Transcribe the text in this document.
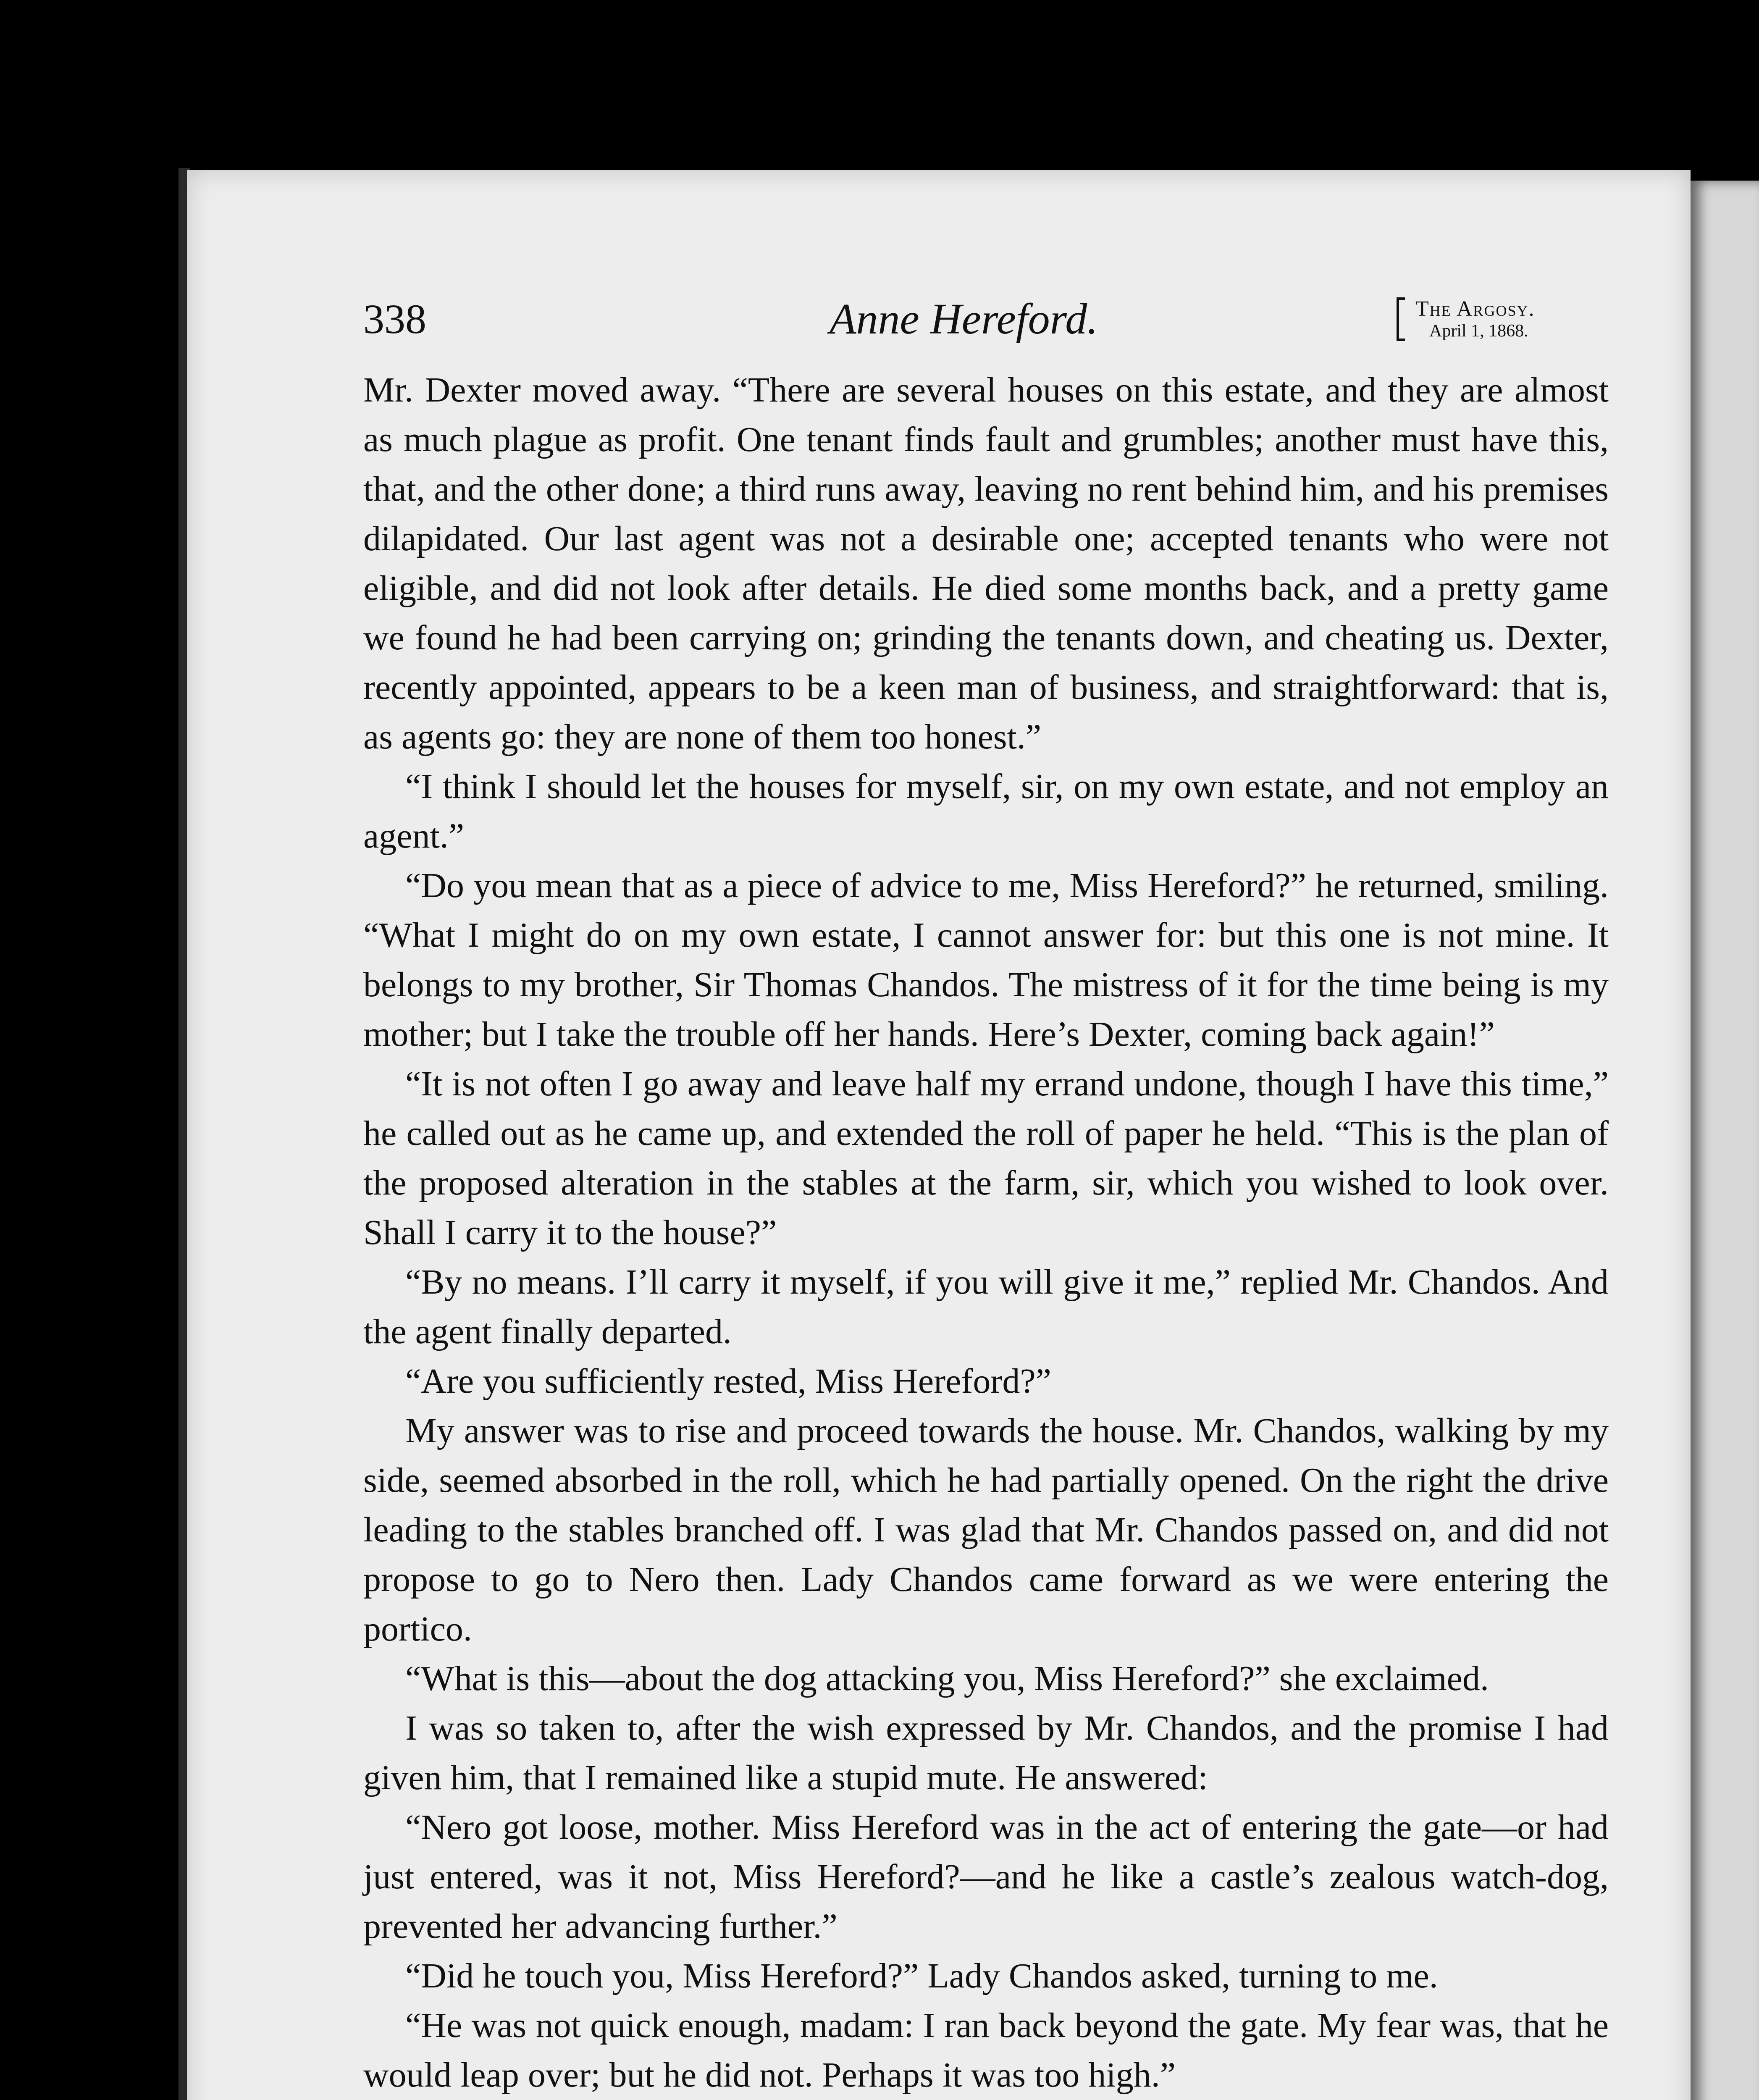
338	Anne Hereford.	The Argosy.
April 1, 1868.

Mr. Dexter moved away. “There are several houses on this estate, and they are almost as much plague as profit. One tenant finds fault and grumbles; another must have this, that, and the other done; a third runs away, leaving no rent behind him, and his premises dilapidated. Our last agent was not a desirable one; accepted tenants who were not eligible, and did not look after details. He died some months back, and a pretty game we found he had been carrying on; grinding the tenants down, and cheating us. Dexter, recently appointed, appears to be a keen man of business, and straightforward: that is, as agents go: they are none of them too honest.”

“I think I should let the houses for myself, sir, on my own estate, and not employ an agent.”

“Do you mean that as a piece of advice to me, Miss Hereford?” he returned, smiling. “What I might do on my own estate, I cannot answer for: but this one is not mine. It belongs to my brother, Sir Thomas Chandos. The mistress of it for the time being is my mother; but I take the trouble off her hands. Here’s Dexter, coming back again!”

“It is not often I go away and leave half my errand undone, though I have this time,” he called out as he came up, and extended the roll of paper he held. “This is the plan of the proposed alteration in the stables at the farm, sir, which you wished to look over. Shall I carry it to the house?”

“By no means. I’ll carry it myself, if you will give it me,” replied Mr. Chandos. And the agent finally departed.

“Are you sufficiently rested, Miss Hereford?”

My answer was to rise and proceed towards the house. Mr. Chandos, walking by my side, seemed absorbed in the roll, which he had partially opened. On the right the drive leading to the stables branched off. I was glad that Mr. Chandos passed on, and did not propose to go to Nero then. Lady Chandos came forward as we were entering the portico.

“What is this—about the dog attacking you, Miss Hereford?” she exclaimed.

I was so taken to, after the wish expressed by Mr. Chandos, and the promise I had given him, that I remained like a stupid mute. He answered:

“Nero got loose, mother. Miss Hereford was in the act of entering the gate—or had just entered, was it not, Miss Hereford?—and he like a castle’s zealous watch-dog, prevented her advancing further.”

“Did he touch you, Miss Hereford?” Lady Chandos asked, turning to me.

“He was not quick enough, madam: I ran back beyond the gate. My fear was, that he would leap over; but he did not. Perhaps it was too high.”
